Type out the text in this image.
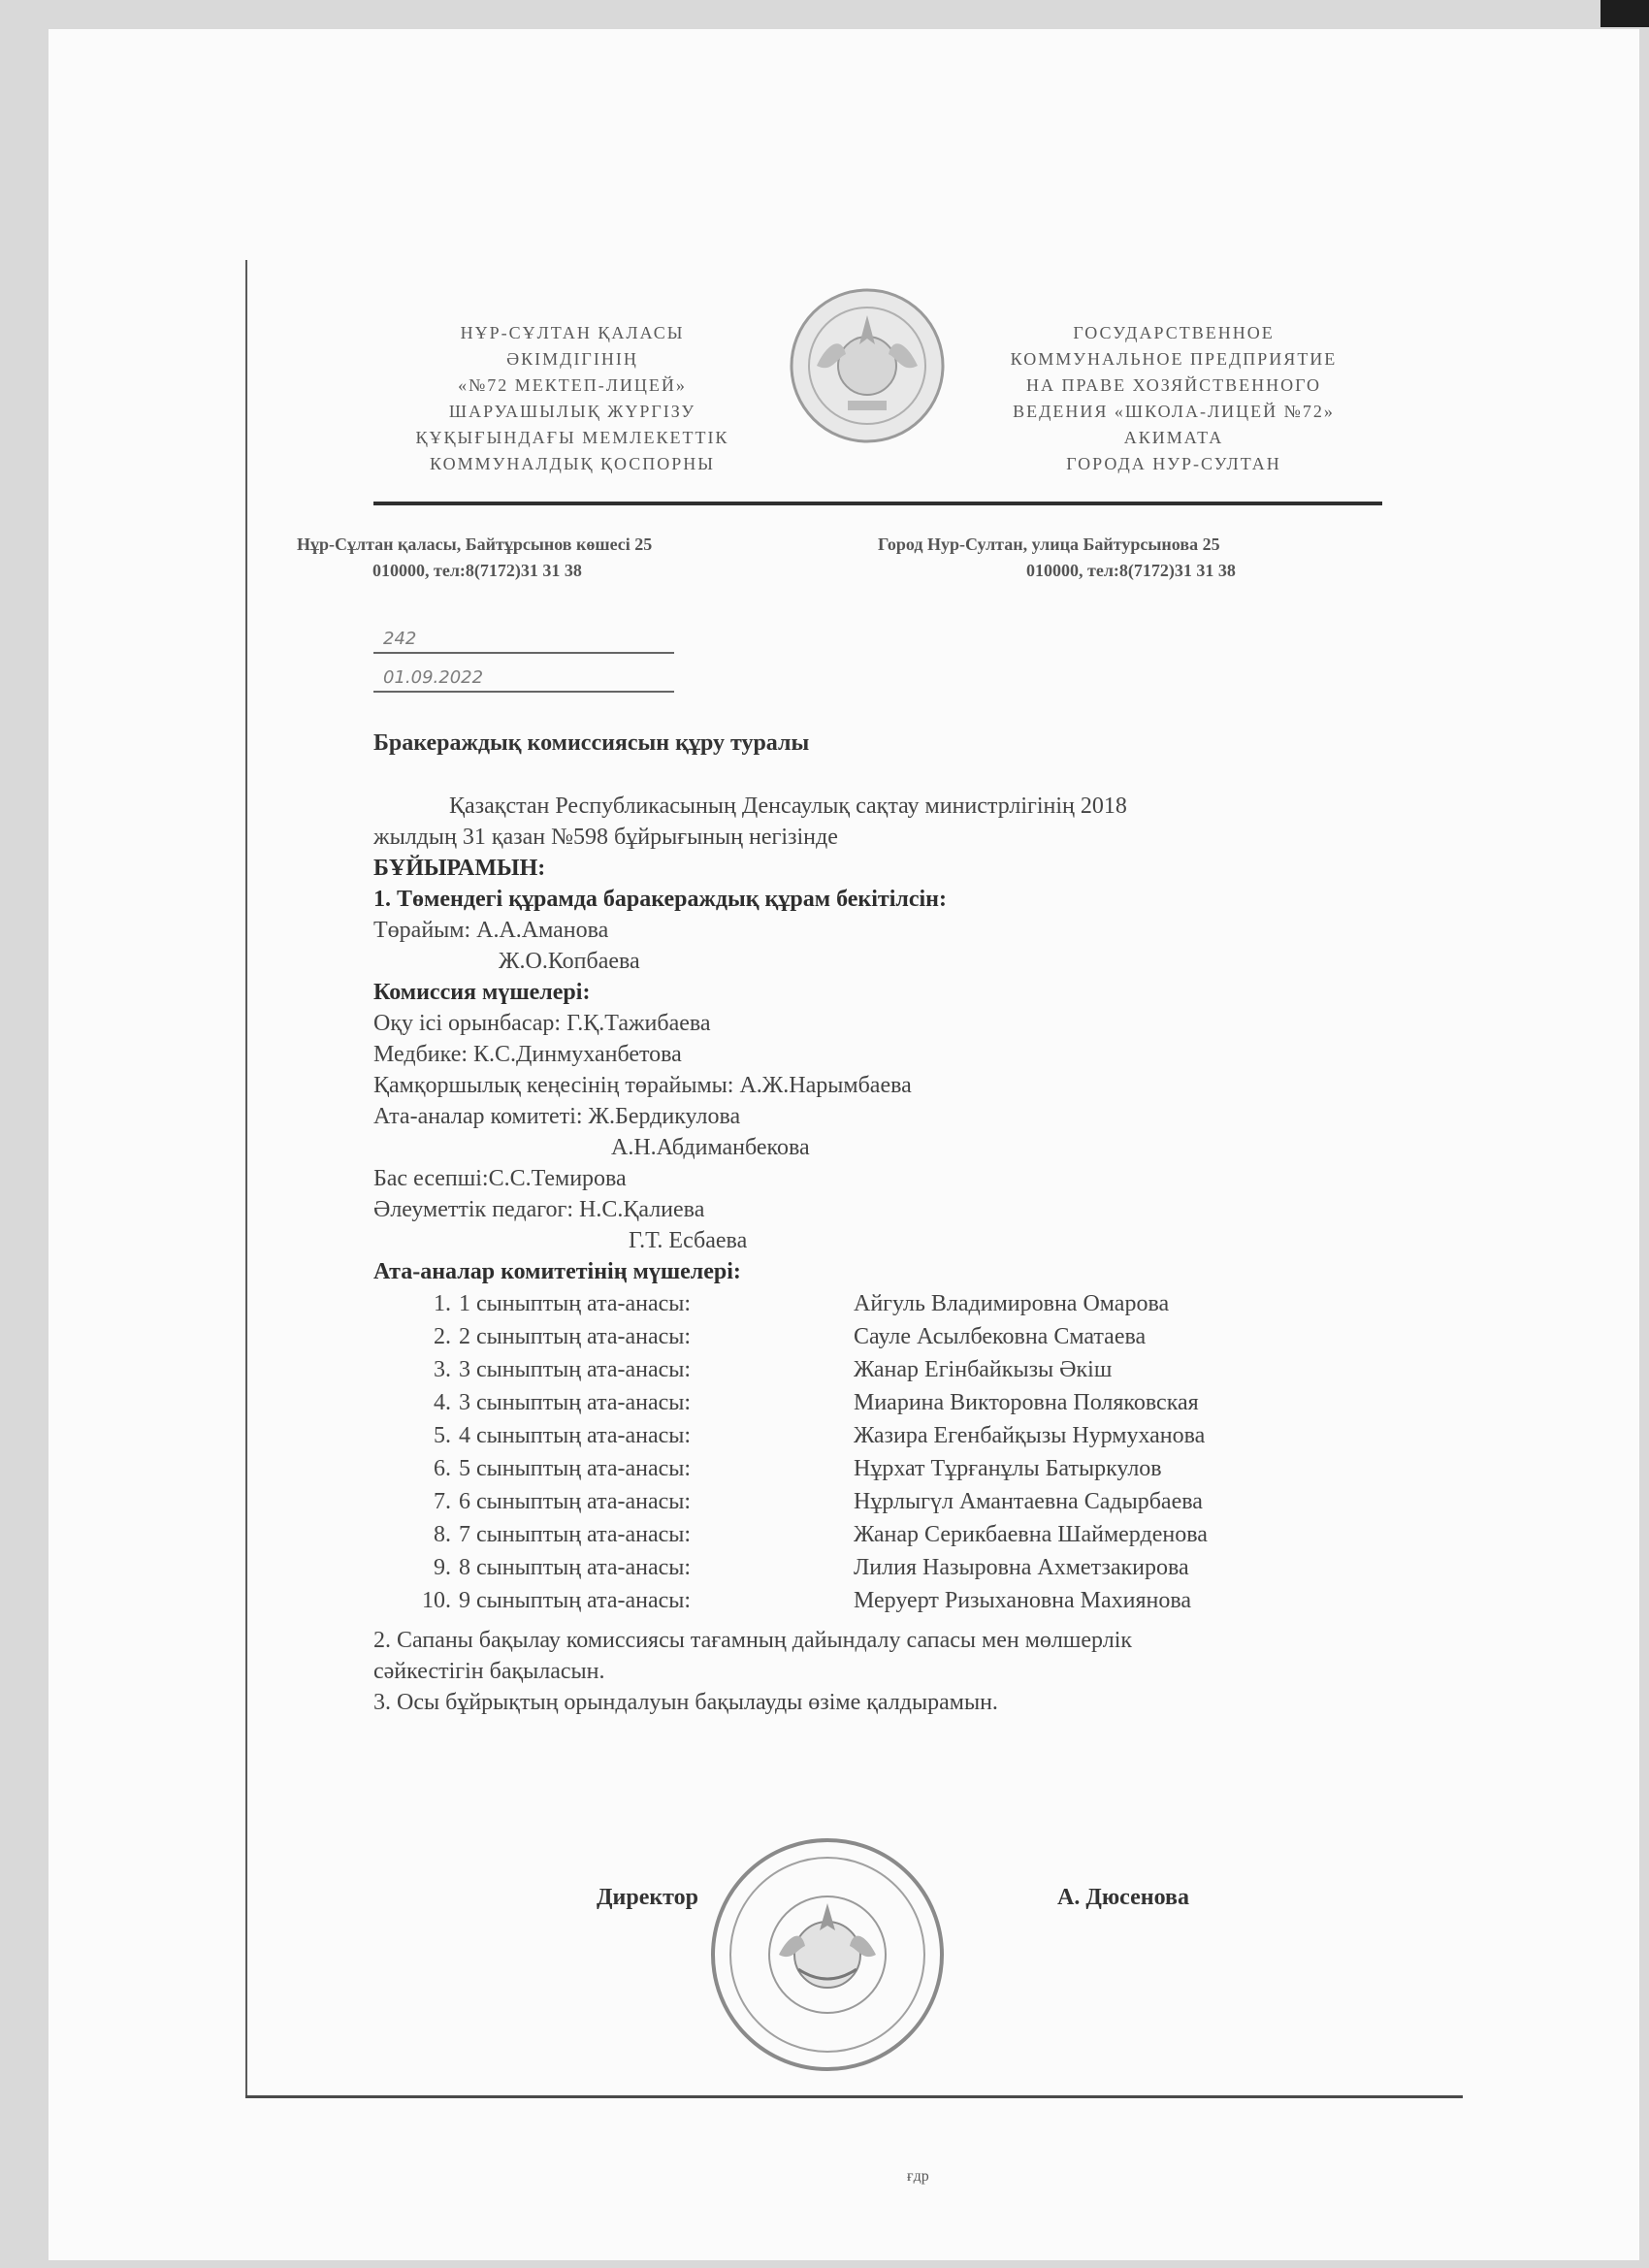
НҰР-СҰЛТАН ҚАЛАСЫ
ӘКІМДІГІНІҢ
«№72 МЕКТЕП-ЛИЦЕЙ»
ШАРУАШЫЛЫҚ ЖҮРГІЗУ
ҚҰҚЫҒЫНДАҒЫ МЕМЛЕКЕТТІК
КОММУНАЛДЫҚ ҚОСПОРНЫ
ГОСУДАРСТВЕННОЕ
КОММУНАЛЬНОЕ ПРЕДПРИЯТИЕ
НА ПРАВЕ ХОЗЯЙСТВЕННОГО
ВЕДЕНИЯ «ШКОЛА-ЛИЦЕЙ №72»
АКИМАТА
ГОРОДА НУР-СУЛТАН
Нұр-Сұлтан қаласы, Байтұрсынов көшесі 25
010000, тел:8(7172)31 31 38
Город Нур-Султан, улица Байтурсынова 25
010000, тел:8(7172)31 31 38
242
01.09.2022
Бракераждық комиссиясын құру туралы

Қазақстан Республикасының Денсаулық сақтау министрлігінің 2018

жылдың 31 қазан №598 бұйрығының негізінде

БҰЙЫРАМЫН:

1. Төмендегі құрамда баракераждық құрам бекітілсін:

Төрайым: А.А.Аманова

Ж.О.Копбаева

Комиссия мүшелері:

Оқу ісі орынбасар: Г.Қ.Тажибаева

Медбике: К.С.Динмуханбетова

Қамқоршылық кеңесінің төрайымы: А.Ж.Нарымбаева

Ата-аналар комитеті: Ж.Бердикулова

А.Н.Абдиманбекова

Бас есепші:С.С.Темирова

Әлеуметтік педагог: Н.С.Қалиева

Г.Т. Есбаева

Ата-аналар комитетінің мүшелері:

1. 1 сыныптың ата-анасы:	Айгуль Владимировна Омарова
2. 2 сыныптың ата-анасы:	Сауле Асылбековна Сматаева
3. 3 сыныптың ата-анасы:	Жанар Егінбайкызы Әкіш
4. 3 сыныптың ата-анасы:	Миарина Викторовна Поляковская
5. 4 сыныптың ата-анасы:	Жазира Егенбайқызы Нурмуханова
6. 5 сыныптың ата-анасы:	Нұрхат Тұрғанұлы Батыркулов
7. 6 сыныптың ата-анасы:	Нұрлыгүл Амантаевна Садырбаева
8. 7 сыныптың ата-анасы:	Жанар Серикбаевна Шаймерденова
9. 8 сыныптың ата-анасы:	Лилия Назыровна Ахметзакирова
10. 9 сыныптың ата-анасы:	Меруерт Ризыхановна Махиянова

2. Сапаны бақылау комиссиясы тағамның дайындалу сапасы мен мөлшерлік

сәйкестігін бақыласын.

3. Осы бұйрықтың орындалуын бақылауды өзіме қалдырамын.

Директор	А. Дюсенова
ғдр
